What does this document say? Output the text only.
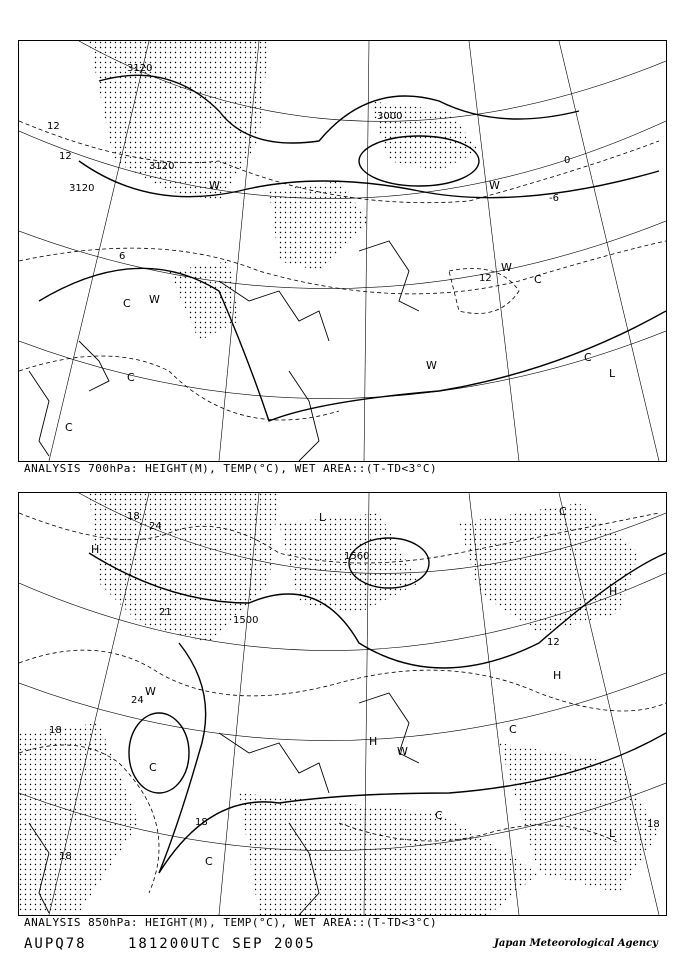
3120
3120
3120
3000
12
12
6
0
-6
12
W
W
W
C
C
C
C
C
L
W
W
ANALYSIS 700hPa: HEIGHT(M), TEMP(°C), WET AREA::(T-TD<3°C)
1500
1560
18
24
21
24
18
18
12
18
18
H
H
H
H
C
C
C
C
W
W
L
L	C
ANALYSIS 850hPa: HEIGHT(M), TEMP(°C), WET AREA::(T-TD<3°C)
AUPQ78	181200UTC SEP 2005	Japan Meteorological Agency
